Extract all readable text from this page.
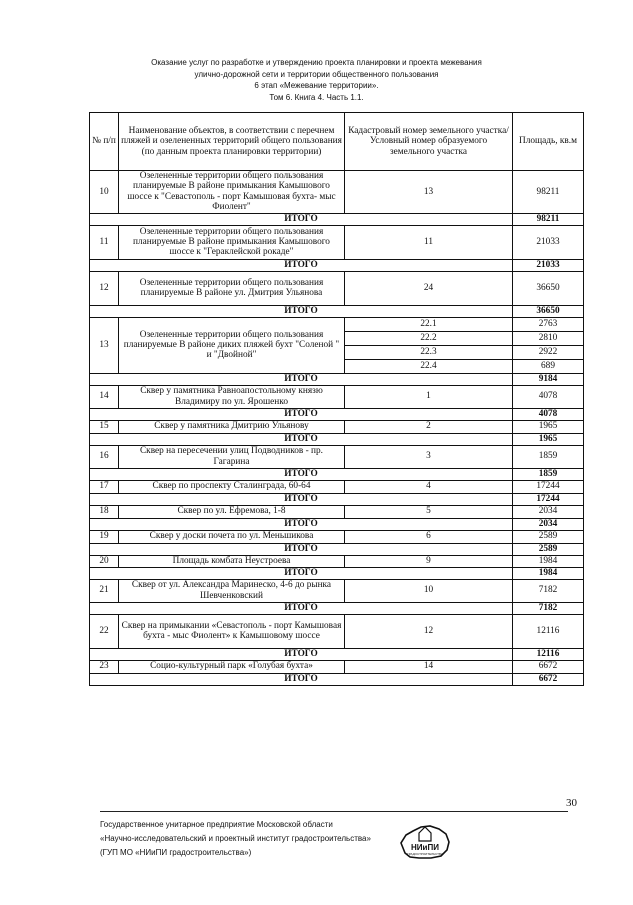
Оказание услуг по разработке и утверждению проекта планировки и проекта межевания
улично-дорожной сети и территории общественного пользования
6 этап «Межевание территории».
Том 6. Книга 4. Часть 1.1.
№ п/п	Наименование объектов, в соответствии с перечнем пляжей и озелененных территорий общего пользования (по данным проекта планировки территории)	Кадастровый номер земельного участка/ Условный номер образуемого земельного участка	Площадь, кв.м
10	Озелененные территории общего пользования планируемые В районе примыкания Камышового шоссе к "Севастополь - порт Камышовая бухта- мыс Фиолент"	13	98211
ИТОГО			98211
11	Озелененные территории общего пользования планируемые В районе примыкания Камышового шоссе к "Гераклейской рокаде"	11	21033
ИТОГО			21033
12	Озелененные территории общего пользования планируемые В районе ул. Дмитрия Ульянова	24	36650
ИТОГО			36650
13	Озелененные территории общего пользования планируемые В районе диких пляжей бухт "Соленой " и "Двойной"	22.1	2763
		22.2	2810
		22.3	2922
		22.4	689
ИТОГО			9184
14	Сквер у памятника Равноапостольному князю Владимиру по ул. Ярошенко	1	4078
ИТОГО			4078
15	Сквер у памятника Дмитрию Ульянову	2	1965
ИТОГО			1965
16	Сквер на пересечении улиц Подводников - пр. Гагарина	3	1859
ИТОГО			1859
17	Сквер по проспекту Сталинграда, 60-64	4	17244
ИТОГО			17244
18	Сквер по ул. Ефремова, 1-8	5	2034
ИТОГО			2034
19	Сквер у доски почета по ул. Меньшикова	6	2589
ИТОГО			2589
20	Площадь комбата Неустроева	9	1984
ИТОГО			1984
21	Сквер от ул. Александра Маринеско, 4-6 до рынка Шевченковский	10	7182
ИТОГО			7182
22	Сквер на примыкании «Севастополь - порт Камышовая бухта - мыс Фиолент» к Камышовому шоссе	12	12116
ИТОГО			12116
23	Социо-культурный парк «Голубая бухта»	14	6672
ИТОГО			6672
30
Государственное унитарное предприятие Московской области
«Научно-исследовательский и проектный институт градостроительства»
(ГУП МО «НИиПИ градостроительства»)
НИиПИ
ГРАДОСТРОИТЕЛЬСТВА
